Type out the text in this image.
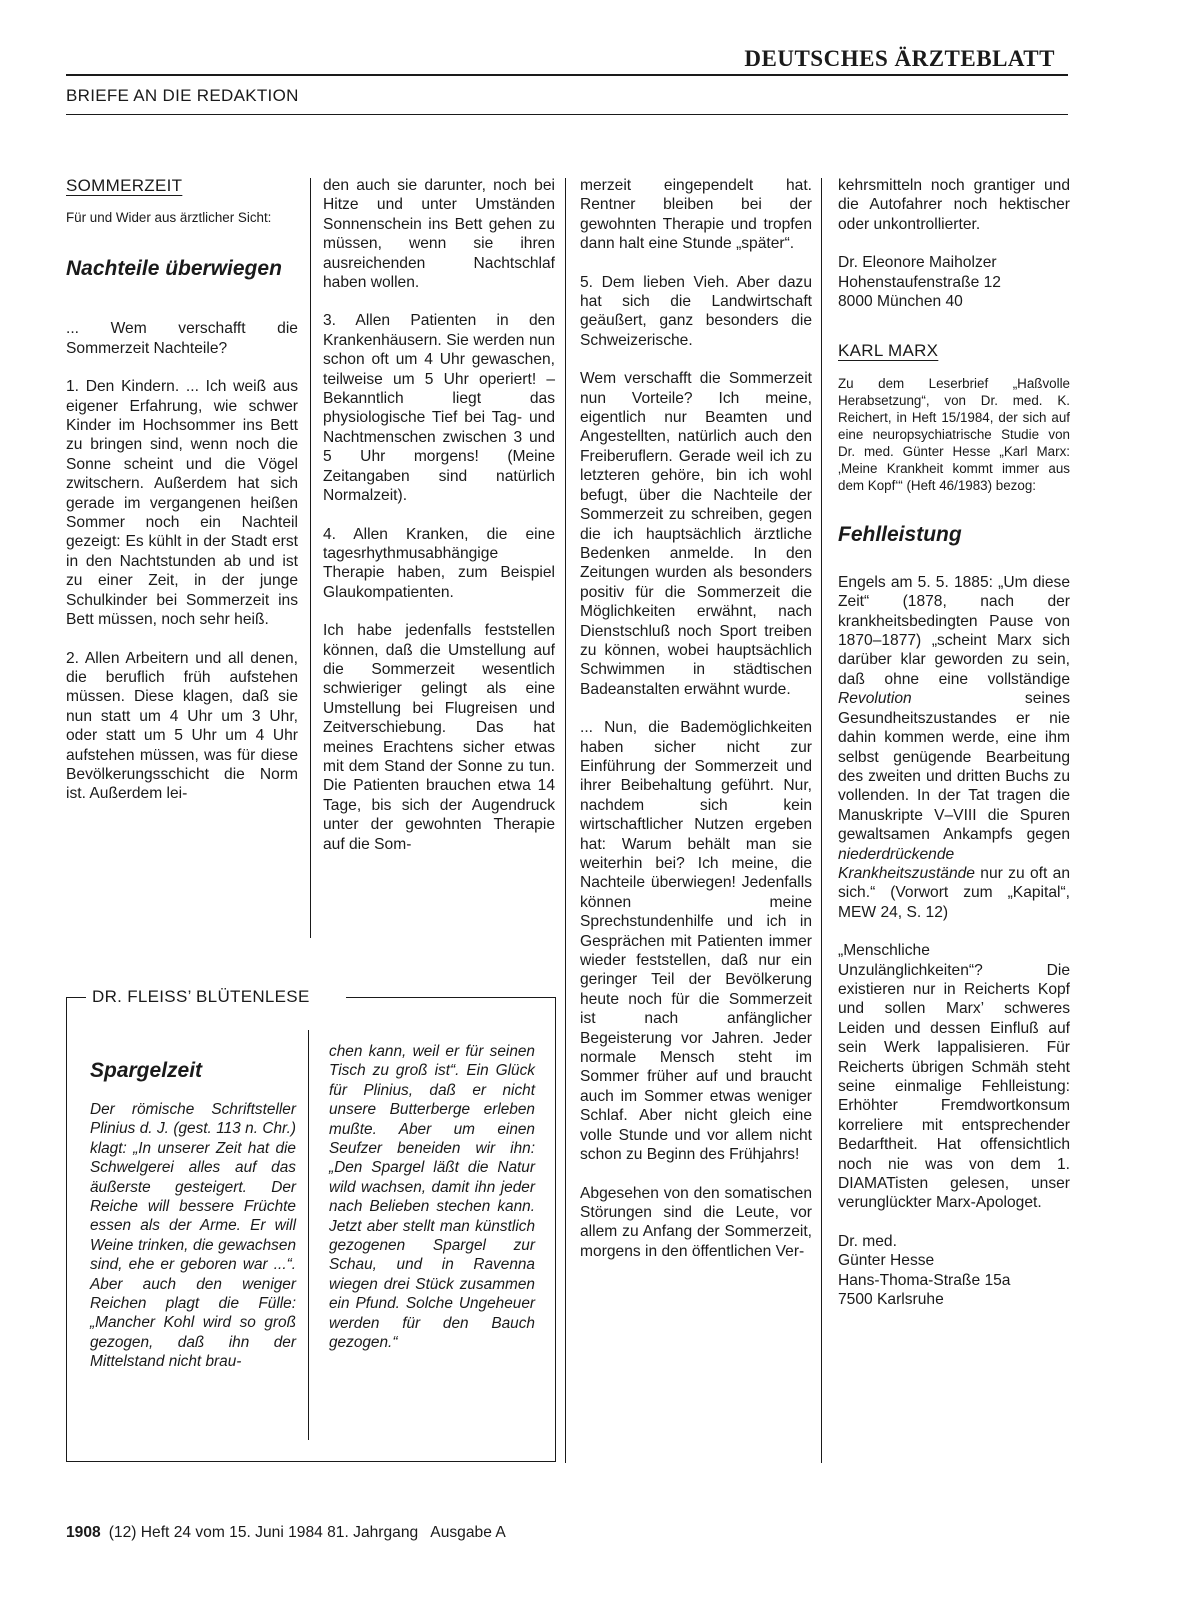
DEUTSCHES ÄRZTEBLATT
BRIEFE AN DIE REDAKTION
SOMMERZEIT
Für und Wider aus ärztlicher Sicht:
Nachteile überwiegen

... Wem verschafft die Sommerzeit Nachteile?

1. Den Kindern. ... Ich weiß aus eigener Erfahrung, wie schwer Kinder im Hochsommer ins Bett zu bringen sind, wenn noch die Sonne scheint und die Vögel zwitschern. Außerdem hat sich gerade im vergangenen heißen Sommer noch ein Nachteil gezeigt: Es kühlt in der Stadt erst in den Nachtstunden ab und ist zu einer Zeit, in der junge Schulkinder bei Sommerzeit ins Bett müssen, noch sehr heiß.

2. Allen Arbeitern und all denen, die beruflich früh aufstehen müssen. Diese klagen, daß sie nun statt um 4 Uhr um 3 Uhr, oder statt um 5 Uhr um 4 Uhr aufstehen müssen, was für diese Bevölkerungsschicht die Norm ist. Außerdem lei-

den auch sie darunter, noch bei Hitze und unter Umständen Sonnenschein ins Bett gehen zu müssen, wenn sie ihren ausreichenden Nachtschlaf haben wollen.

3. Allen Patienten in den Krankenhäusern. Sie werden nun schon oft um 4 Uhr gewaschen, teilweise um 5 Uhr operiert! – Bekanntlich liegt das physiologische Tief bei Tag- und Nachtmenschen zwischen 3 und 5 Uhr morgens! (Meine Zeitangaben sind natürlich Normalzeit).

4. Allen Kranken, die eine tagesrhythmusabhängige Therapie haben, zum Beispiel Glaukompatienten.

Ich habe jedenfalls feststellen können, daß die Umstellung auf die Sommerzeit wesentlich schwieriger gelingt als eine Umstellung bei Flugreisen und Zeitverschiebung. Das hat meines Erachtens sicher etwas mit dem Stand der Sonne zu tun. Die Patienten brauchen etwa 14 Tage, bis sich der Augendruck unter der gewohnten Therapie auf die Som-

merzeit eingependelt hat. Rentner bleiben bei der gewohnten Therapie und tropfen dann halt eine Stunde „später“.

5. Dem lieben Vieh. Aber dazu hat sich die Landwirtschaft geäußert, ganz besonders die Schweizerische.

Wem verschafft die Sommerzeit nun Vorteile? Ich meine, eigentlich nur Beamten und Angestellten, natürlich auch den Freiberuflern. Gerade weil ich zu letzteren gehöre, bin ich wohl befugt, über die Nachteile der Sommerzeit zu schreiben, gegen die ich hauptsächlich ärztliche Bedenken anmelde. In den Zeitungen wurden als besonders positiv für die Sommerzeit die Möglichkeiten erwähnt, nach Dienstschluß noch Sport treiben zu können, wobei hauptsächlich Schwimmen in städtischen Badeanstalten erwähnt wurde.

... Nun, die Bademöglichkeiten haben sicher nicht zur Einführung der Sommerzeit und ihrer Beibehaltung geführt. Nur, nachdem sich kein wirtschaftlicher Nutzen ergeben hat: Warum behält man sie weiterhin bei? Ich meine, die Nachteile überwiegen! Jedenfalls können meine Sprechstundenhilfe und ich in Gesprächen mit Patienten immer wieder feststellen, daß nur ein geringer Teil der Bevölkerung heute noch für die Sommerzeit ist nach anfänglicher Begeisterung vor Jahren. Jeder normale Mensch steht im Sommer früher auf und braucht auch im Sommer etwas weniger Schlaf. Aber nicht gleich eine volle Stunde und vor allem nicht schon zu Beginn des Frühjahrs!

Abgesehen von den somatischen Störungen sind die Leute, vor allem zu Anfang der Sommerzeit, morgens in den öffentlichen Ver-

kehrsmitteln noch grantiger und die Autofahrer noch hektischer oder unkontrollierter.

Dr. Eleonore Maiholzer
Hohenstaufenstraße 12
8000 München 40

KARL MARX
Zu dem Leserbrief „Haßvolle Herabsetzung“, von Dr. med. K. Reichert, in Heft 15/1984, der sich auf eine neuropsychiatrische Studie von Dr. med. Günter Hesse „Karl Marx: ‚Meine Krankheit kommt immer aus dem Kopf‘“ (Heft 46/1983) bezog:
Fehlleistung

Engels am 5. 5. 1885: „Um diese Zeit“ (1878, nach der krankheitsbedingten Pause von 1870–1877) „scheint Marx sich darüber klar geworden zu sein, daß ohne eine vollständige Revolution seines Gesundheitszustandes er nie dahin kommen werde, eine ihm selbst genügende Bearbeitung des zweiten und dritten Buchs zu vollenden. In der Tat tragen die Manuskripte V–VIII die Spuren gewaltsamen Ankampfs gegen niederdrückende Krankheitszustände nur zu oft an sich.“ (Vorwort zum „Kapital“, MEW 24, S. 12)

„Menschliche Unzulänglichkeiten“? Die existieren nur in Reicherts Kopf und sollen Marx’ schweres Leiden und dessen Einfluß auf sein Werk lappalisieren. Für Reicherts übrigen Schmäh steht seine einmalige Fehlleistung: Erhöhter Fremdwortkonsum korreliere mit entsprechender Bedarftheit. Hat offensichtlich noch nie was von dem 1. DIAMATisten gelesen, unser verunglückter Marx-Apologet.

Dr. med.
Günter Hesse
Hans-Thoma-Straße 15a
7500 Karlsruhe

DR. FLEISS’ BLÜTENLESE
Spargelzeit

Der römische Schriftsteller Plinius d. J. (gest. 113 n. Chr.) klagt: „In unserer Zeit hat die Schwelgerei alles auf das äußerste gesteigert. Der Reiche will bessere Früchte essen als der Arme. Er will Weine trinken, die gewachsen sind, ehe er geboren war ...“. Aber auch den weniger Reichen plagt die Fülle: „Mancher Kohl wird so groß gezogen, daß ihn der Mittelstand nicht brau-

chen kann, weil er für seinen Tisch zu groß ist“. Ein Glück für Plinius, daß er nicht unsere Butterberge erleben mußte. Aber um einen Seufzer beneiden wir ihn: „Den Spargel läßt die Natur wild wachsen, damit ihn jeder nach Belieben stechen kann. Jetzt aber stellt man künstlich gezogenen Spargel zur Schau, und in Ravenna wiegen drei Stück zusammen ein Pfund. Solche Ungeheuer werden für den Bauch gezogen.“

1908 (12) Heft 24 vom 15. Juni 1984 81. Jahrgang   Ausgabe A
